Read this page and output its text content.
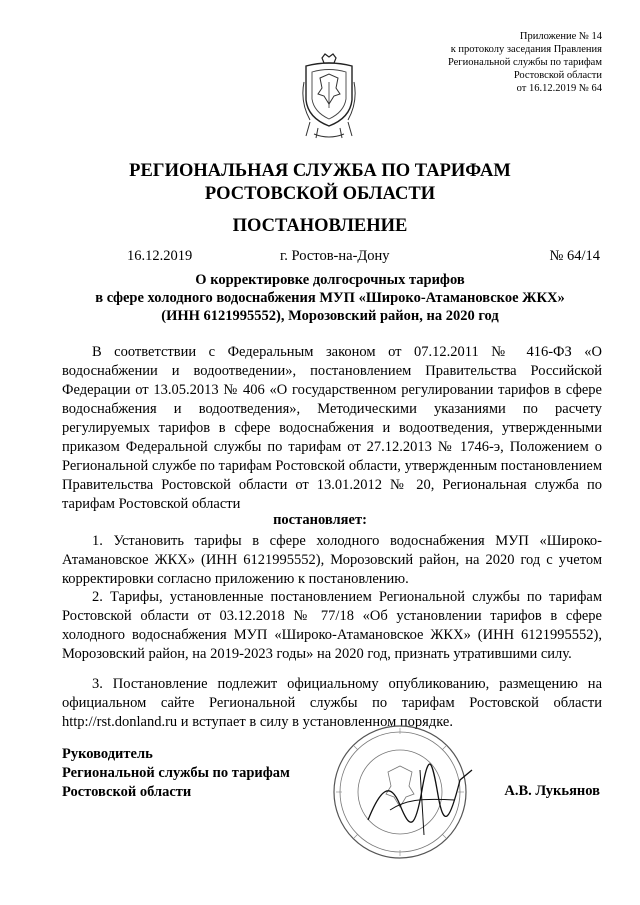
Приложение № 14
к протоколу заседания Правления
Региональной службы по тарифам
Ростовской области
от 16.12.2019 № 64
РЕГИОНАЛЬНАЯ СЛУЖБА ПО ТАРИФАМ
РОСТОВСКОЙ ОБЛАСТИ
ПОСТАНОВЛЕНИЕ
16.12.2019	г. Ростов-на-Дону	№ 64/14
О корректировке долгосрочных тарифов
в сфере холодного водоснабжения МУП «Широко-Атамановское ЖКХ»
(ИНН 6121995552), Морозовский район, на 2020 год
В соответствии с Федеральным законом от 07.12.2011 № 416-ФЗ «О водоснабжении и водоотведении», постановлением Правительства Российской Федерации от 13.05.2013 № 406 «О государственном регулировании тарифов в сфере водоснабжения и водоотведения», Методическими указаниями по расчету регулируемых тарифов в сфере водоснабжения и водоотведения, утвержденными приказом Федеральной службы по тарифам от 27.12.2013 № 1746-э, Положением о Региональной службе по тарифам Ростовской области, утвержденным постановлением Правительства Ростовской области от 13.01.2012 № 20, Региональная служба по тарифам Ростовской области
постановляет:
1. Установить тарифы в сфере холодного водоснабжения МУП «Широко-Атамановское ЖКХ» (ИНН 6121995552), Морозовский район, на 2020 год с учетом корректировки согласно приложению к постановлению.
2. Тарифы, установленные постановлением Региональной службы по тарифам Ростовской области от 03.12.2018 № 77/18 «Об установлении тарифов в сфере холодного водоснабжения МУП «Широко-Атамановское ЖКХ» (ИНН 6121995552), Морозовский район, на 2019-2023 годы» на 2020 год, признать утратившими силу.
3. Постановление подлежит официальному опубликованию, размещению на официальном сайте Региональной службы по тарифам Ростовской области http://rst.donland.ru и вступает в силу в установленном порядке.
Руководитель
Региональной службы по тарифам
Ростовской области	А.В. Лукьянов
